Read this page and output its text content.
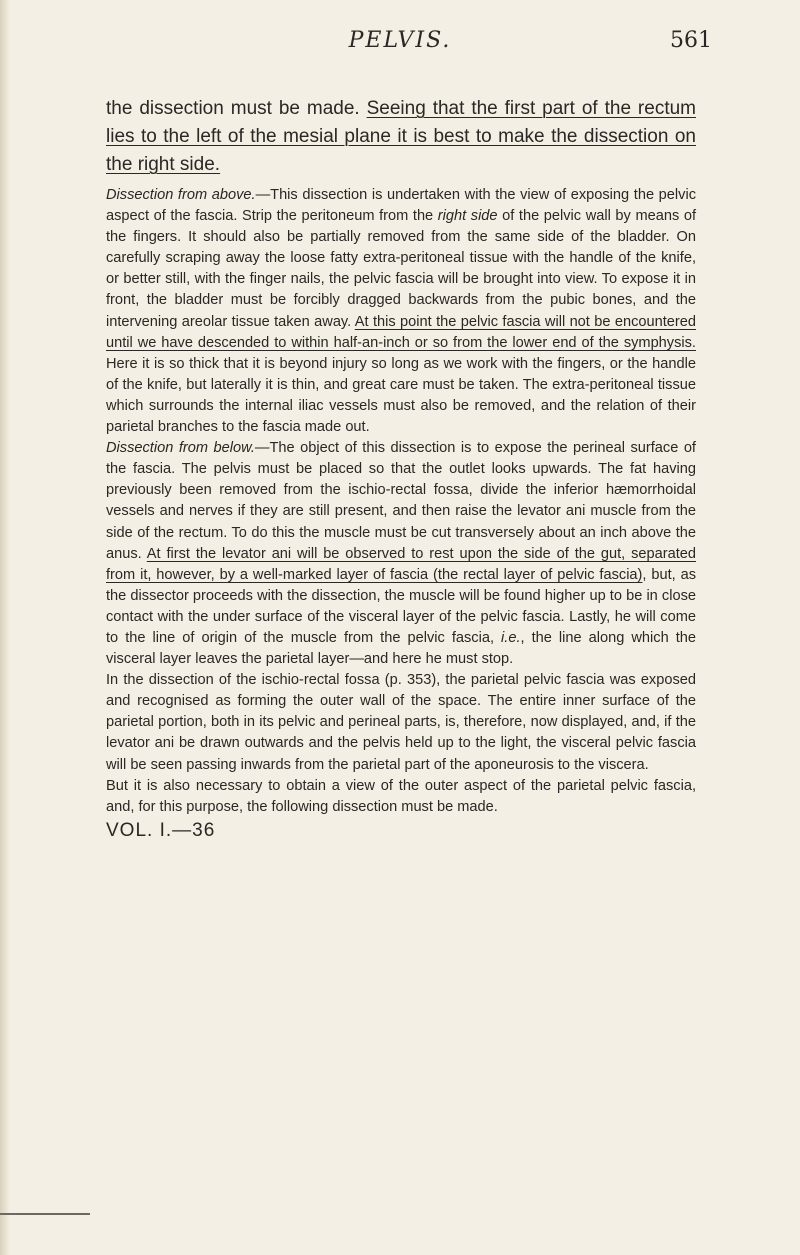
PELVIS.	561

the dissection must be made. Seeing that the first part of the rectum lies to the left of the mesial plane it is best to make the dissection on the right side.

Dissection from above.—This dissection is undertaken with the view of exposing the pelvic aspect of the fascia. Strip the peritoneum from the right side of the pelvic wall by means of the fingers. It should also be partially removed from the same side of the bladder. On carefully scraping away the loose fatty extra-peritoneal tissue with the handle of the knife, or better still, with the finger nails, the pelvic fascia will be brought into view. To expose it in front, the bladder must be forcibly dragged backwards from the pubic bones, and the intervening areolar tissue taken away. At this point the pelvic fascia will not be encountered until we have descended to within half-an-inch or so from the lower end of the symphysis. Here it is so thick that it is beyond injury so long as we work with the fingers, or the handle of the knife, but laterally it is thin, and great care must be taken. The extra-peritoneal tissue which surrounds the internal iliac vessels must also be removed, and the relation of their parietal branches to the fascia made out.

Dissection from below.—The object of this dissection is to expose the perineal surface of the fascia. The pelvis must be placed so that the outlet looks upwards. The fat having previously been removed from the ischio-rectal fossa, divide the inferior hæmorrhoidal vessels and nerves if they are still present, and then raise the levator ani muscle from the side of the rectum. To do this the muscle must be cut transversely about an inch above the anus. At first the levator ani will be observed to rest upon the side of the gut, separated from it, however, by a well-marked layer of fascia (the rectal layer of pelvic fascia), but, as the dissector proceeds with the dissection, the muscle will be found higher up to be in close contact with the under surface of the visceral layer of the pelvic fascia. Lastly, he will come to the line of origin of the muscle from the pelvic fascia, i.e., the line along which the visceral layer leaves the parietal layer—and here he must stop.

In the dissection of the ischio-rectal fossa (p. 353), the parietal pelvic fascia was exposed and recognised as forming the outer wall of the space. The entire inner surface of the parietal portion, both in its pelvic and perineal parts, is, therefore, now displayed, and, if the levator ani be drawn outwards and the pelvis held up to the light, the visceral pelvic fascia will be seen passing inwards from the parietal part of the aponeurosis to the viscera.

But it is also necessary to obtain a view of the outer aspect of the parietal pelvic fascia, and, for this purpose, the following dissection must be made.

VOL. I.—36
